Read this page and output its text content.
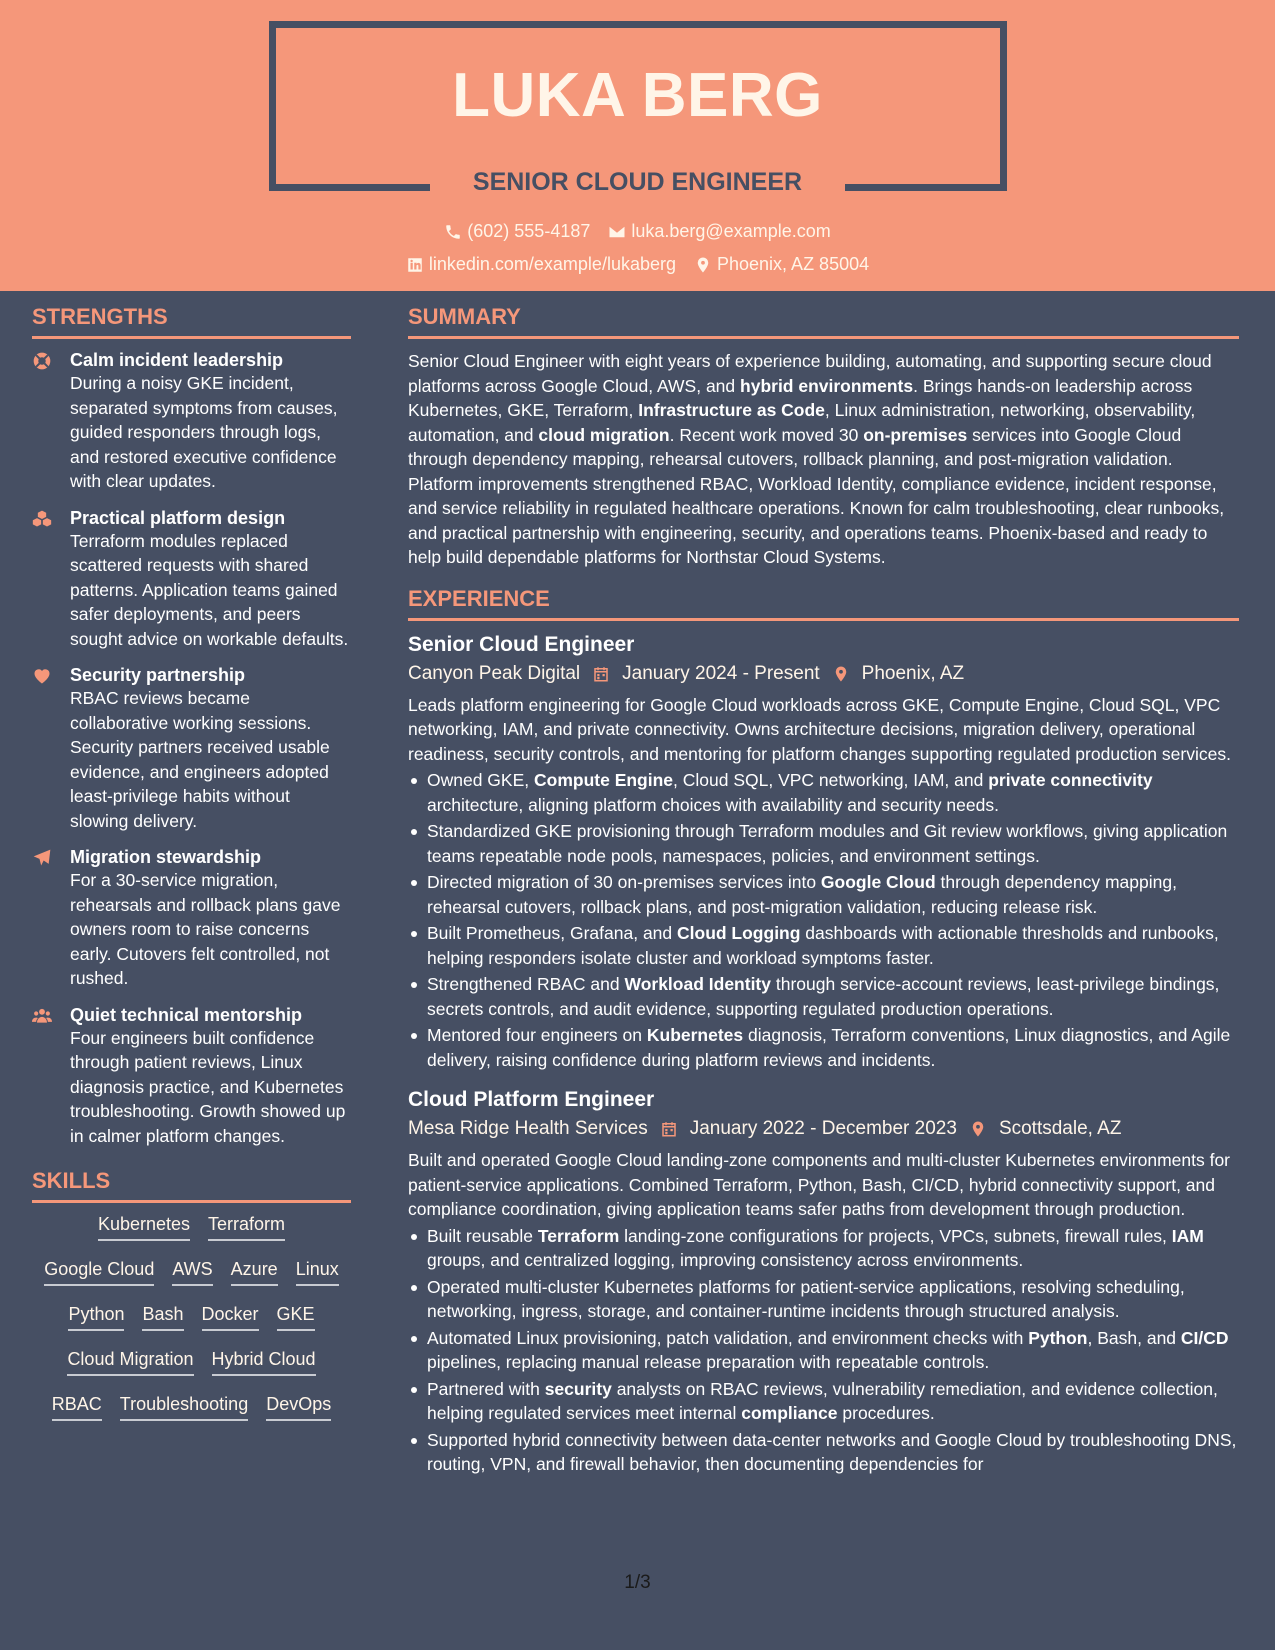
LUKA BERG
SENIOR CLOUD ENGINEER
(602) 555-4187 luka.berg@example.com
linkedin.com/example/lukaberg Phoenix, AZ 85004
STRENGTHS
Calm incident leadership

During a noisy GKE incident, separated symptoms from causes, guided responders through logs, and restored executive confidence with clear updates.

Practical platform design

Terraform modules replaced scattered requests with shared patterns. Application teams gained safer deployments, and peers sought advice on workable defaults.

Security partnership

RBAC reviews became collaborative working sessions. Security partners received usable evidence, and engineers adopted least-privilege habits without slowing delivery.

Migration stewardship

For a 30-service migration, rehearsals and rollback plans gave owners room to raise concerns early. Cutovers felt controlled, not rushed.

Quiet technical mentorship

Four engineers built confidence through patient reviews, Linux diagnosis practice, and Kubernetes troubleshooting. Growth showed up in calmer platform changes.

SKILLS
Kubernetes Terraform
Google Cloud AWS Azure Linux
Python Bash Docker GKE
Cloud Migration Hybrid Cloud
RBAC Troubleshooting DevOps
SUMMARY
Senior Cloud Engineer with eight years of experience building, automating, and supporting secure cloud platforms across Google Cloud, AWS, and hybrid environments. Brings hands-on leadership across Kubernetes, GKE, Terraform, Infrastructure as Code, Linux administration, networking, observability, automation, and cloud migration. Recent work moved 30 on-premises services into Google Cloud through dependency mapping, rehearsal cutovers, rollback planning, and post-migration validation. Platform improvements strengthened RBAC, Workload Identity, compliance evidence, incident response, and service reliability in regulated healthcare operations. Known for calm troubleshooting, clear runbooks, and practical partnership with engineering, security, and operations teams. Phoenix-based and ready to help build dependable platforms for Northstar Cloud Systems.
EXPERIENCE
Senior Cloud Engineer
Canyon Peak Digital January 2024 - Present Phoenix, AZ
Leads platform engineering for Google Cloud workloads across GKE, Compute Engine, Cloud SQL, VPC networking, IAM, and private connectivity. Owns architecture decisions, migration delivery, operational readiness, security controls, and mentoring for platform changes supporting regulated production services.
Owned GKE, Compute Engine, Cloud SQL, VPC networking, IAM, and private connectivity architecture, aligning platform choices with availability and security needs.
Standardized GKE provisioning through Terraform modules and Git review workflows, giving application teams repeatable node pools, namespaces, policies, and environment settings.
Directed migration of 30 on-premises services into Google Cloud through dependency mapping, rehearsal cutovers, rollback plans, and post-migration validation, reducing release risk.
Built Prometheus, Grafana, and Cloud Logging dashboards with actionable thresholds and runbooks, helping responders isolate cluster and workload symptoms faster.
Strengthened RBAC and Workload Identity through service-account reviews, least-privilege bindings, secrets controls, and audit evidence, supporting regulated production operations.
Mentored four engineers on Kubernetes diagnosis, Terraform conventions, Linux diagnostics, and Agile delivery, raising confidence during platform reviews and incidents.
Cloud Platform Engineer
Mesa Ridge Health Services January 2022 - December 2023 Scottsdale, AZ
Built and operated Google Cloud landing-zone components and multi-cluster Kubernetes environments for patient-service applications. Combined Terraform, Python, Bash, CI/CD, hybrid connectivity support, and compliance coordination, giving application teams safer paths from development through production.
Built reusable Terraform landing-zone configurations for projects, VPCs, subnets, firewall rules, IAM groups, and centralized logging, improving consistency across environments.
Operated multi-cluster Kubernetes platforms for patient-service applications, resolving scheduling, networking, ingress, storage, and container-runtime incidents through structured analysis.
Automated Linux provisioning, patch validation, and environment checks with Python, Bash, and CI/CD pipelines, replacing manual release preparation with repeatable controls.
Partnered with security analysts on RBAC reviews, vulnerability remediation, and evidence collection, helping regulated services meet internal compliance procedures.
Supported hybrid connectivity between data-center networks and Google Cloud by troubleshooting DNS, routing, VPN, and firewall behavior, then documenting dependencies for
1/3
